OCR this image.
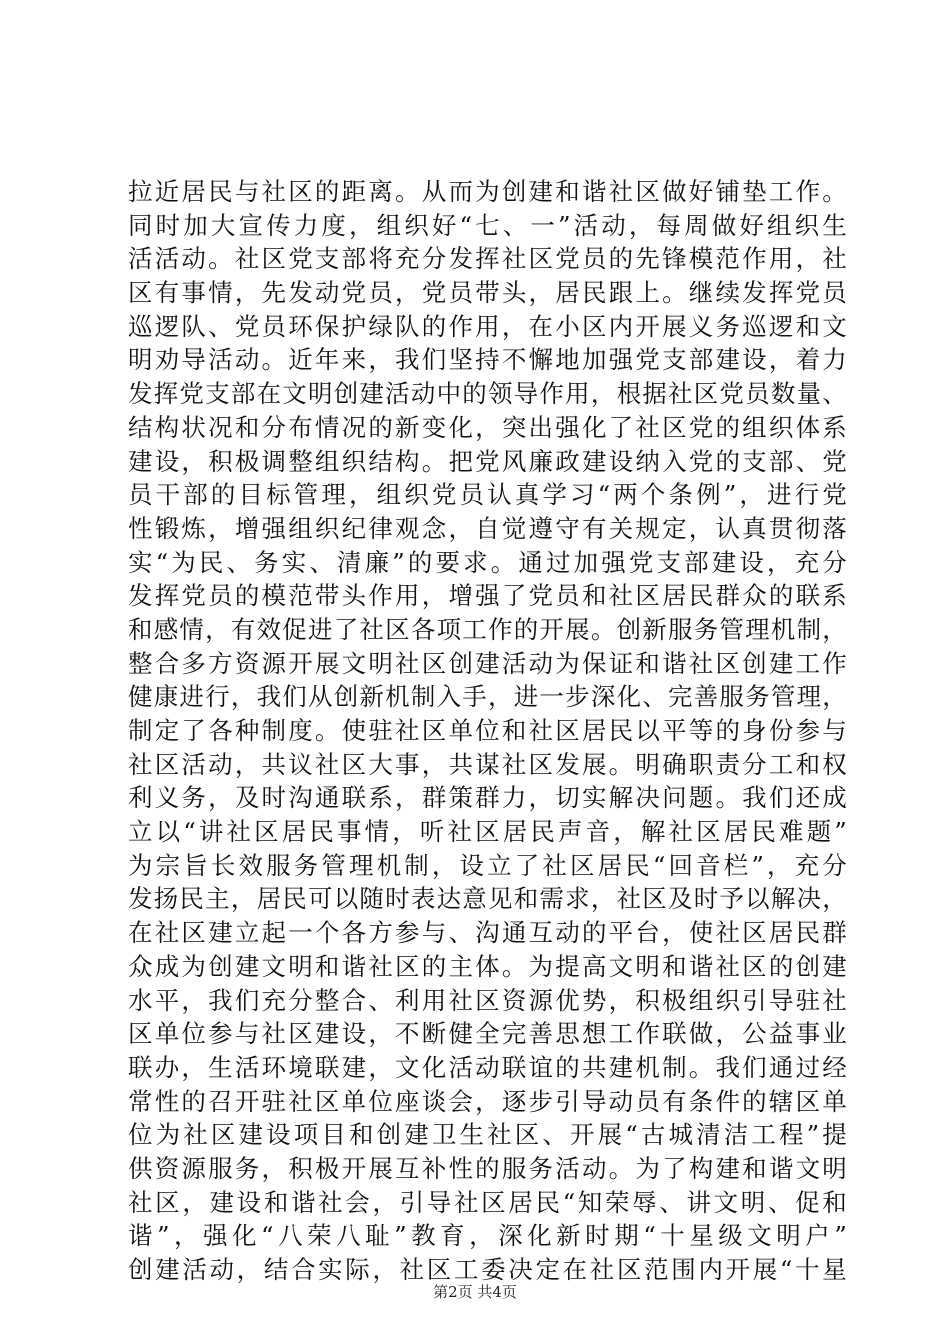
拉近居民与社区的距离。从而为创建和谐社区做好铺垫工作。
同时加大宣传力度，组织好“七、一”活动，每周做好组织生
活活动。社区党支部将充分发挥社区党员的先锋模范作用，社
区有事情，先发动党员，党员带头，居民跟上。继续发挥党员
巡逻队、党员环保护绿队的作用，在小区内开展义务巡逻和文
明劝导活动。近年来，我们坚持不懈地加强党支部建设，着力
发挥党支部在文明创建活动中的领导作用，根据社区党员数量、
结构状况和分布情况的新变化，突出强化了社区党的组织体系
建设，积极调整组织结构。把党风廉政建设纳入党的支部、党
员干部的目标管理，组织党员认真学习“两个条例”，进行党
性锻炼，增强组织纪律观念，自觉遵守有关规定，认真贯彻落
实“为民、务实、清廉”的要求。通过加强党支部建设，充分
发挥党员的模范带头作用，增强了党员和社区居民群众的联系
和感情，有效促进了社区各项工作的开展。创新服务管理机制，
整合多方资源开展文明社区创建活动为保证和谐社区创建工作
健康进行，我们从创新机制入手，进一步深化、完善服务管理，
制定了各种制度。使驻社区单位和社区居民以平等的身份参与
社区活动，共议社区大事，共谋社区发展。明确职责分工和权
利义务，及时沟通联系，群策群力，切实解决问题。我们还成
立以“讲社区居民事情，听社区居民声音，解社区居民难题”
为宗旨长效服务管理机制，设立了社区居民“回音栏”，充分
发扬民主，居民可以随时表达意见和需求，社区及时予以解决，
在社区建立起一个各方参与、沟通互动的平台，使社区居民群
众成为创建文明和谐社区的主体。为提高文明和谐社区的创建
水平，我们充分整合、利用社区资源优势，积极组织引导驻社
区单位参与社区建设，不断健全完善思想工作联做，公益事业
联办，生活环境联建，文化活动联谊的共建机制。我们通过经
常性的召开驻社区单位座谈会，逐步引导动员有条件的辖区单
位为社区建设项目和创建卫生社区、开展“古城清洁工程”提
供资源服务，积极开展互补性的服务活动。为了构建和谐文明
社区，建设和谐社会，引导社区居民“知荣辱、讲文明、促和
谐”，强化“八荣八耻”教育，深化新时期“十星级文明户”
创建活动，结合实际，社区工委决定在社区范围内开展“十星
第2页 共4页
